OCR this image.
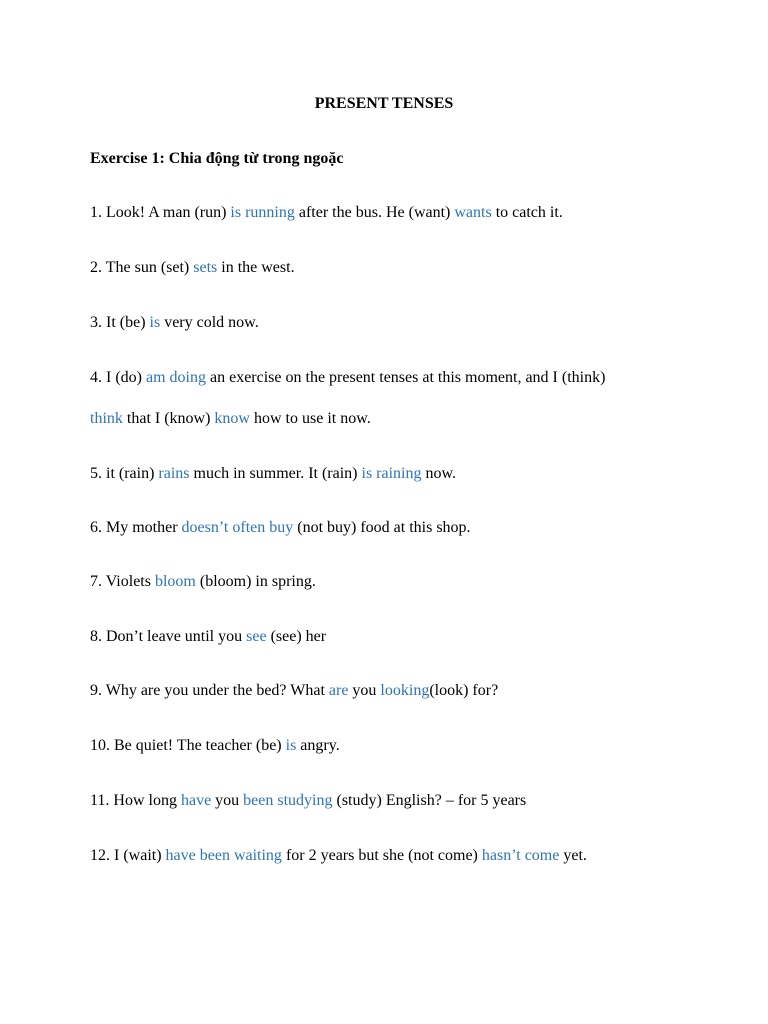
PRESENT TENSES
Exercise 1: Chia động từ trong ngoặc
1. Look! A man (run) is running after the bus. He (want) wants to catch it.
2. The sun (set) sets in the west.
3. It (be) is very cold now.
4. I (do) am doing an exercise on the present tenses at this moment, and I (think)
think that I (know) know how to use it now.
5. it (rain) rains much in summer. It (rain) is raining now.
6. My mother doesn’t often buy (not buy) food at this shop.
7. Violets bloom (bloom) in spring.
8. Don’t leave until you see (see) her
9. Why are you under the bed? What are you looking(look) for?
10. Be quiet! The teacher (be) is angry.
11. How long have you been studying (study) English? – for 5 years
12. I (wait) have been waiting for 2 years but she (not come) hasn’t come yet.
